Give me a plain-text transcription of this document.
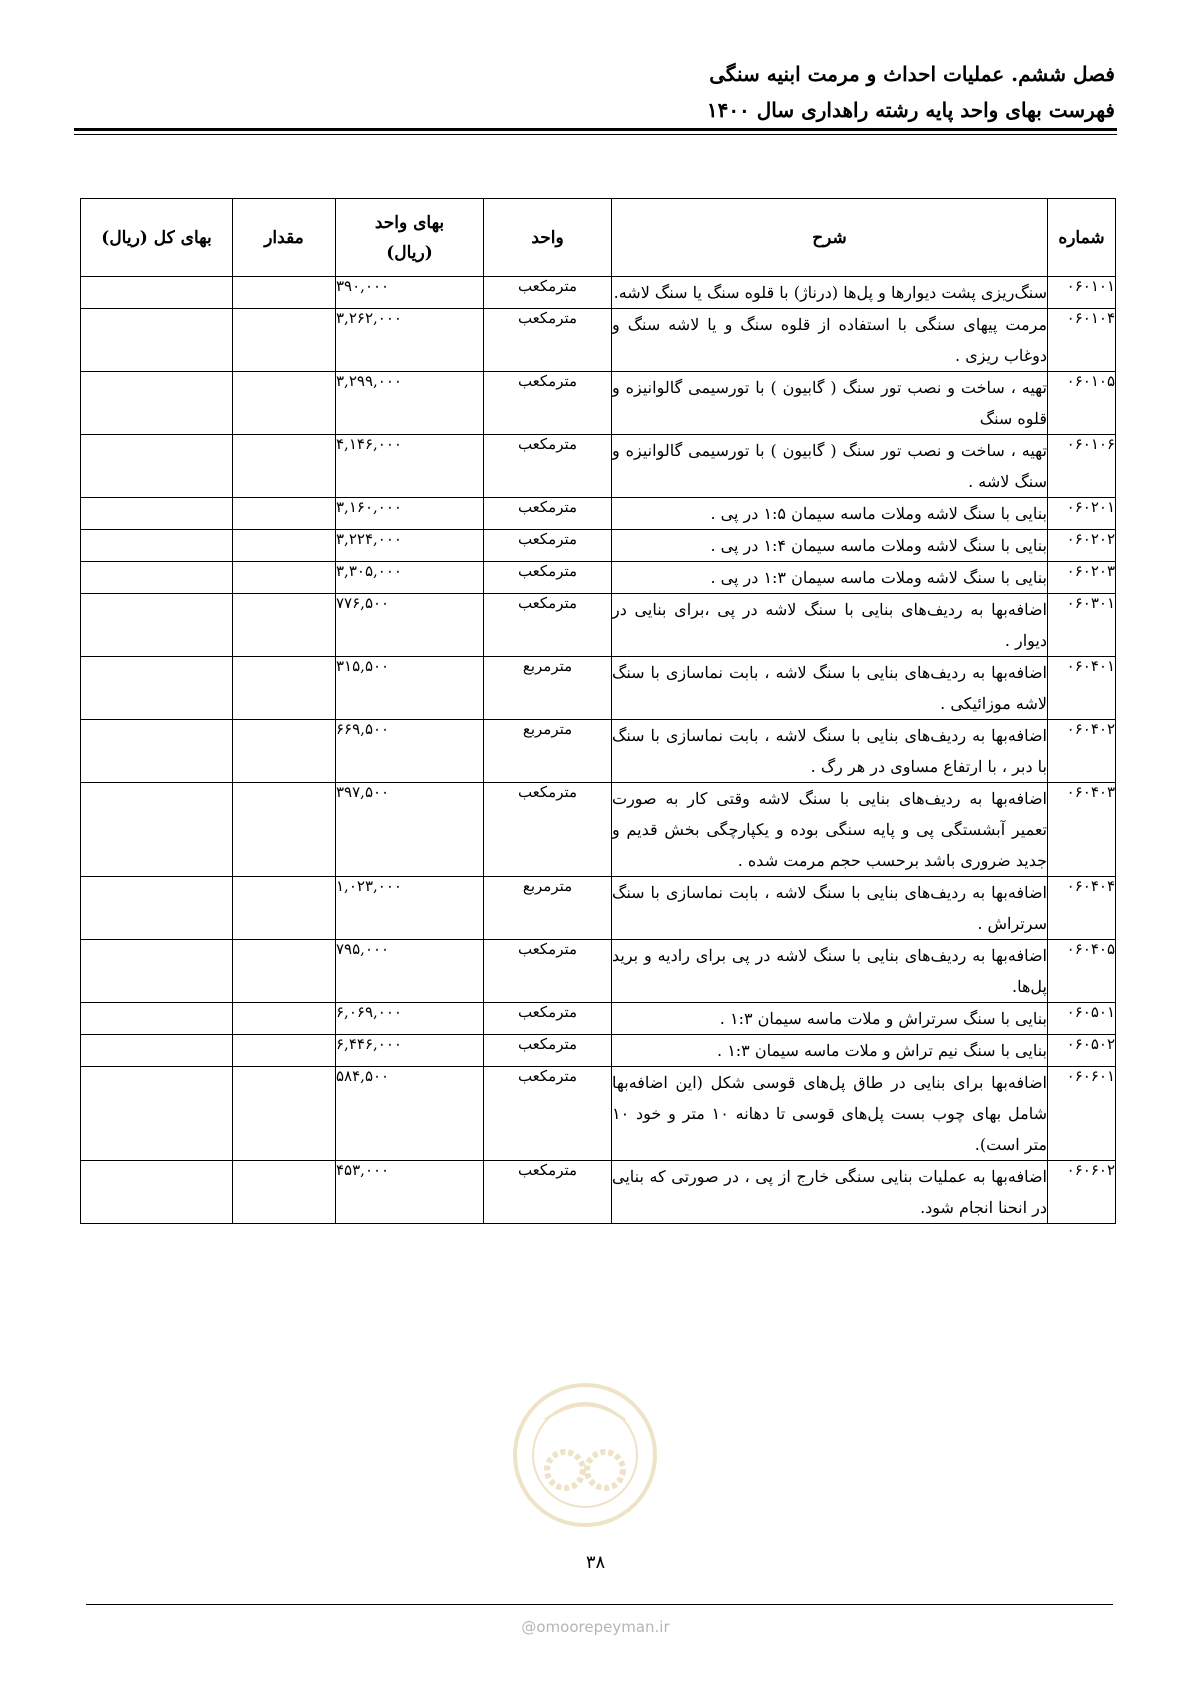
فصل ششم. عملیات احداث و مرمت ابنیه سنگی
فهرست بهای واحد پایه رشته راهداری سال ۱۴۰۰
شماره	شرح	واحد	بهای واحد (ریال)	مقدار	بهای کل (ریال)
۰۶۰۱۰۱	سنگ‌ریزی پشت دیوارها و پل‌ها (درناژ) با قلوه سنگ یا سنگ لاشه.	مترمکعب	۳۹۰,۰۰۰		
۰۶۰۱۰۴	مرمت پیهای سنگی با استفاده از قلوه سنگ و یا لاشه سنگ و دوغاب ریزی .	مترمکعب	۳,۲۶۲,۰۰۰		
۰۶۰۱۰۵	تهیه ، ساخت و نصب تور سنگ ( گابیون ) با تورسیمی گالوانیزه و قلوه سنگ	مترمکعب	۳,۲۹۹,۰۰۰		
۰۶۰۱۰۶	تهیه ، ساخت و نصب تور سنگ ( گابیون ) با تورسیمی گالوانیزه و سنگ لاشه .	مترمکعب	۴,۱۴۶,۰۰۰		
۰۶۰۲۰۱	بنایی با سنگ لاشه وملات ماسه سیمان ۱:۵ در پی .	مترمکعب	۳,۱۶۰,۰۰۰		
۰۶۰۲۰۲	بنایی با سنگ لاشه وملات ماسه سیمان ۱:۴ در پی .	مترمکعب	۳,۲۲۴,۰۰۰		
۰۶۰۲۰۳	بنایی با سنگ لاشه وملات ماسه سیمان ۱:۳ در پی .	مترمکعب	۳,۳۰۵,۰۰۰		
۰۶۰۳۰۱	اضافه‌بها به ردیف‌های بنایی با سنگ لاشه در پی ،برای بنایی در دیوار .	مترمکعب	۷۷۶,۵۰۰		
۰۶۰۴۰۱	اضافه‌بها به ردیف‌های بنایی با سنگ لاشه ، بابت نماسازی با سنگ لاشه موزائیکی .	مترمربع	۳۱۵,۵۰۰		
۰۶۰۴۰۲	اضافه‌بها به ردیف‌های بنایی با سنگ لاشه ، بابت نماسازی با سنگ با دبر ، با ارتفاع مساوی در هر رگ .	مترمربع	۶۶۹,۵۰۰		
۰۶۰۴۰۳	اضافه‌بها به ردیف‌های بنایی با سنگ لاشه وقتی کار به صورت تعمیر آبشستگی پی و پایه سنگی بوده و یکپارچگی بخش قدیم و جدید ضروری باشد برحسب حجم مرمت شده .	مترمکعب	۳۹۷,۵۰۰		
۰۶۰۴۰۴	اضافه‌بها به ردیف‌های بنایی با سنگ لاشه ، بابت نماسازی با سنگ سرتراش .	مترمربع	۱,۰۲۳,۰۰۰		
۰۶۰۴۰۵	اضافه‌بها به ردیف‌های بنایی با سنگ لاشه در پی برای رادیه و برید پل‌ها.	مترمکعب	۷۹۵,۰۰۰		
۰۶۰۵۰۱	بنایی با سنگ سرتراش و ملات ماسه سیمان ۱:۳ .	مترمکعب	۶,۰۶۹,۰۰۰		
۰۶۰۵۰۲	بنایی با سنگ نیم تراش و ملات ماسه سیمان ۱:۳ .	مترمکعب	۶,۴۴۶,۰۰۰		
۰۶۰۶۰۱	اضافه‌بها برای بنایی در طاق پل‌های قوسی شکل (این اضافه‌بها شامل بهای چوب بست پل‌های قوسی تا دهانه ۱۰ متر و خود ۱۰ متر است).	مترمکعب	۵۸۴,۵۰۰		
۰۶۰۶۰۲	اضافه‌بها به عملیات بنایی سنگی خارج از پی ، در صورتی که بنایی در انحنا انجام شود.	مترمکعب	۴۵۳,۰۰۰		
۳۸
@omoorepeyman.ir
